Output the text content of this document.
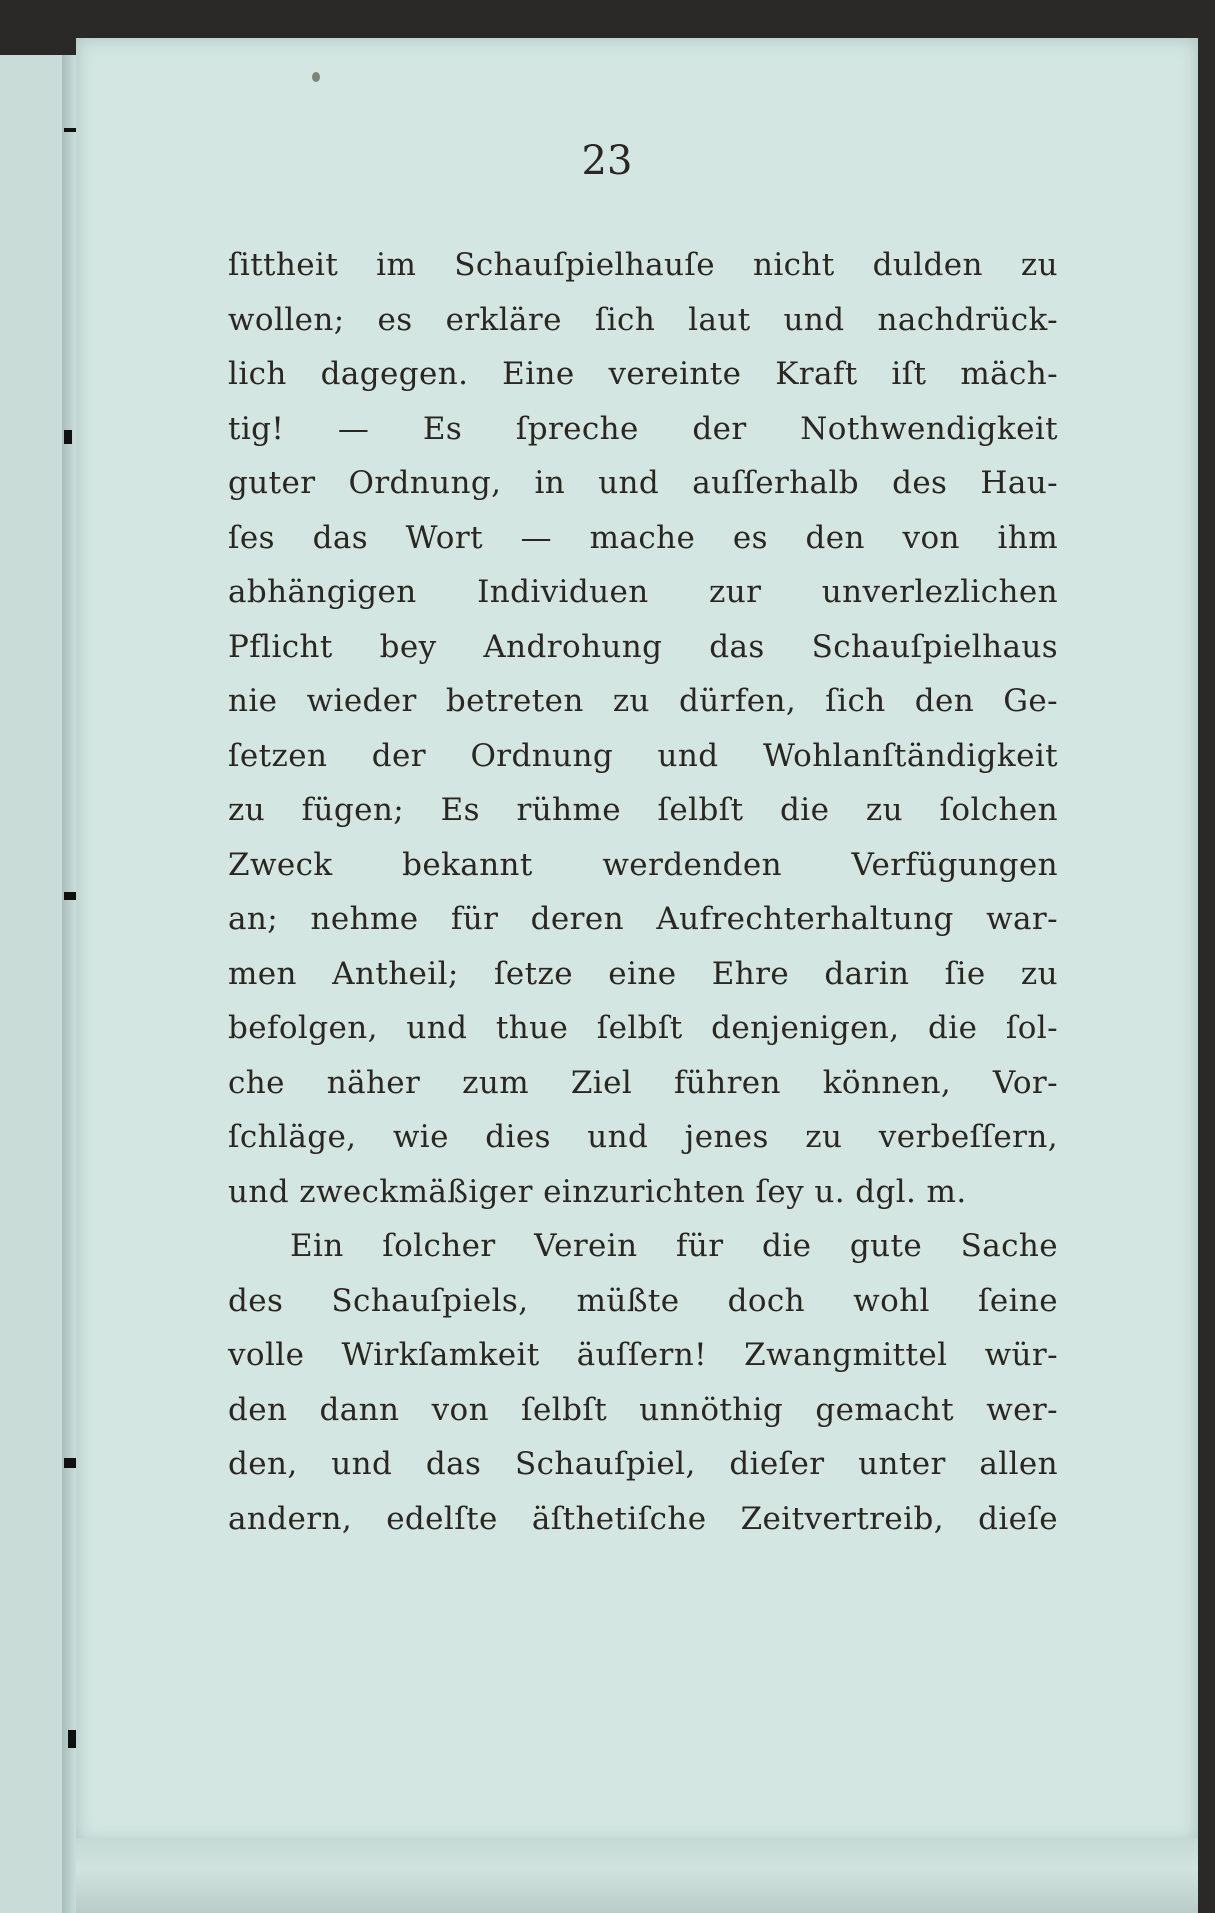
23
ſittheit im Schauſpielhauſe nicht dulden zu
wollen; es erkläre ſich laut und nachdrück-
lich dagegen. Eine vereinte Kraft iſt mäch-
tig! — Es ſpreche der Nothwendigkeit
guter Ordnung, in und auſſerhalb des Hau-
ſes das Wort — mache es den von ihm
abhängigen Individuen zur unverlezlichen
Pflicht bey Androhung das Schauſpielhaus
nie wieder betreten zu dürfen, ſich den Ge-
ſetzen der Ordnung und Wohlanſtändigkeit
zu fügen; Es rühme ſelbſt die zu ſolchen
Zweck bekannt werdenden Verfügungen
an; nehme für deren Aufrechterhaltung war-
men Antheil; ſetze eine Ehre darin ſie zu
befolgen, und thue ſelbſt denjenigen, die ſol-
che näher zum Ziel führen können, Vor-
ſchläge, wie dies und jenes zu verbeſſern,
und zweckmäßiger einzurichten ſey u. dgl. m.
Ein ſolcher Verein für die gute Sache
des Schauſpiels, müßte doch wohl ſeine
volle Wirkſamkeit äuſſern! Zwangmittel wür-
den dann von ſelbſt unnöthig gemacht wer-
den, und das Schauſpiel, dieſer unter allen
andern, edelſte äſthetiſche Zeitvertreib, dieſe
